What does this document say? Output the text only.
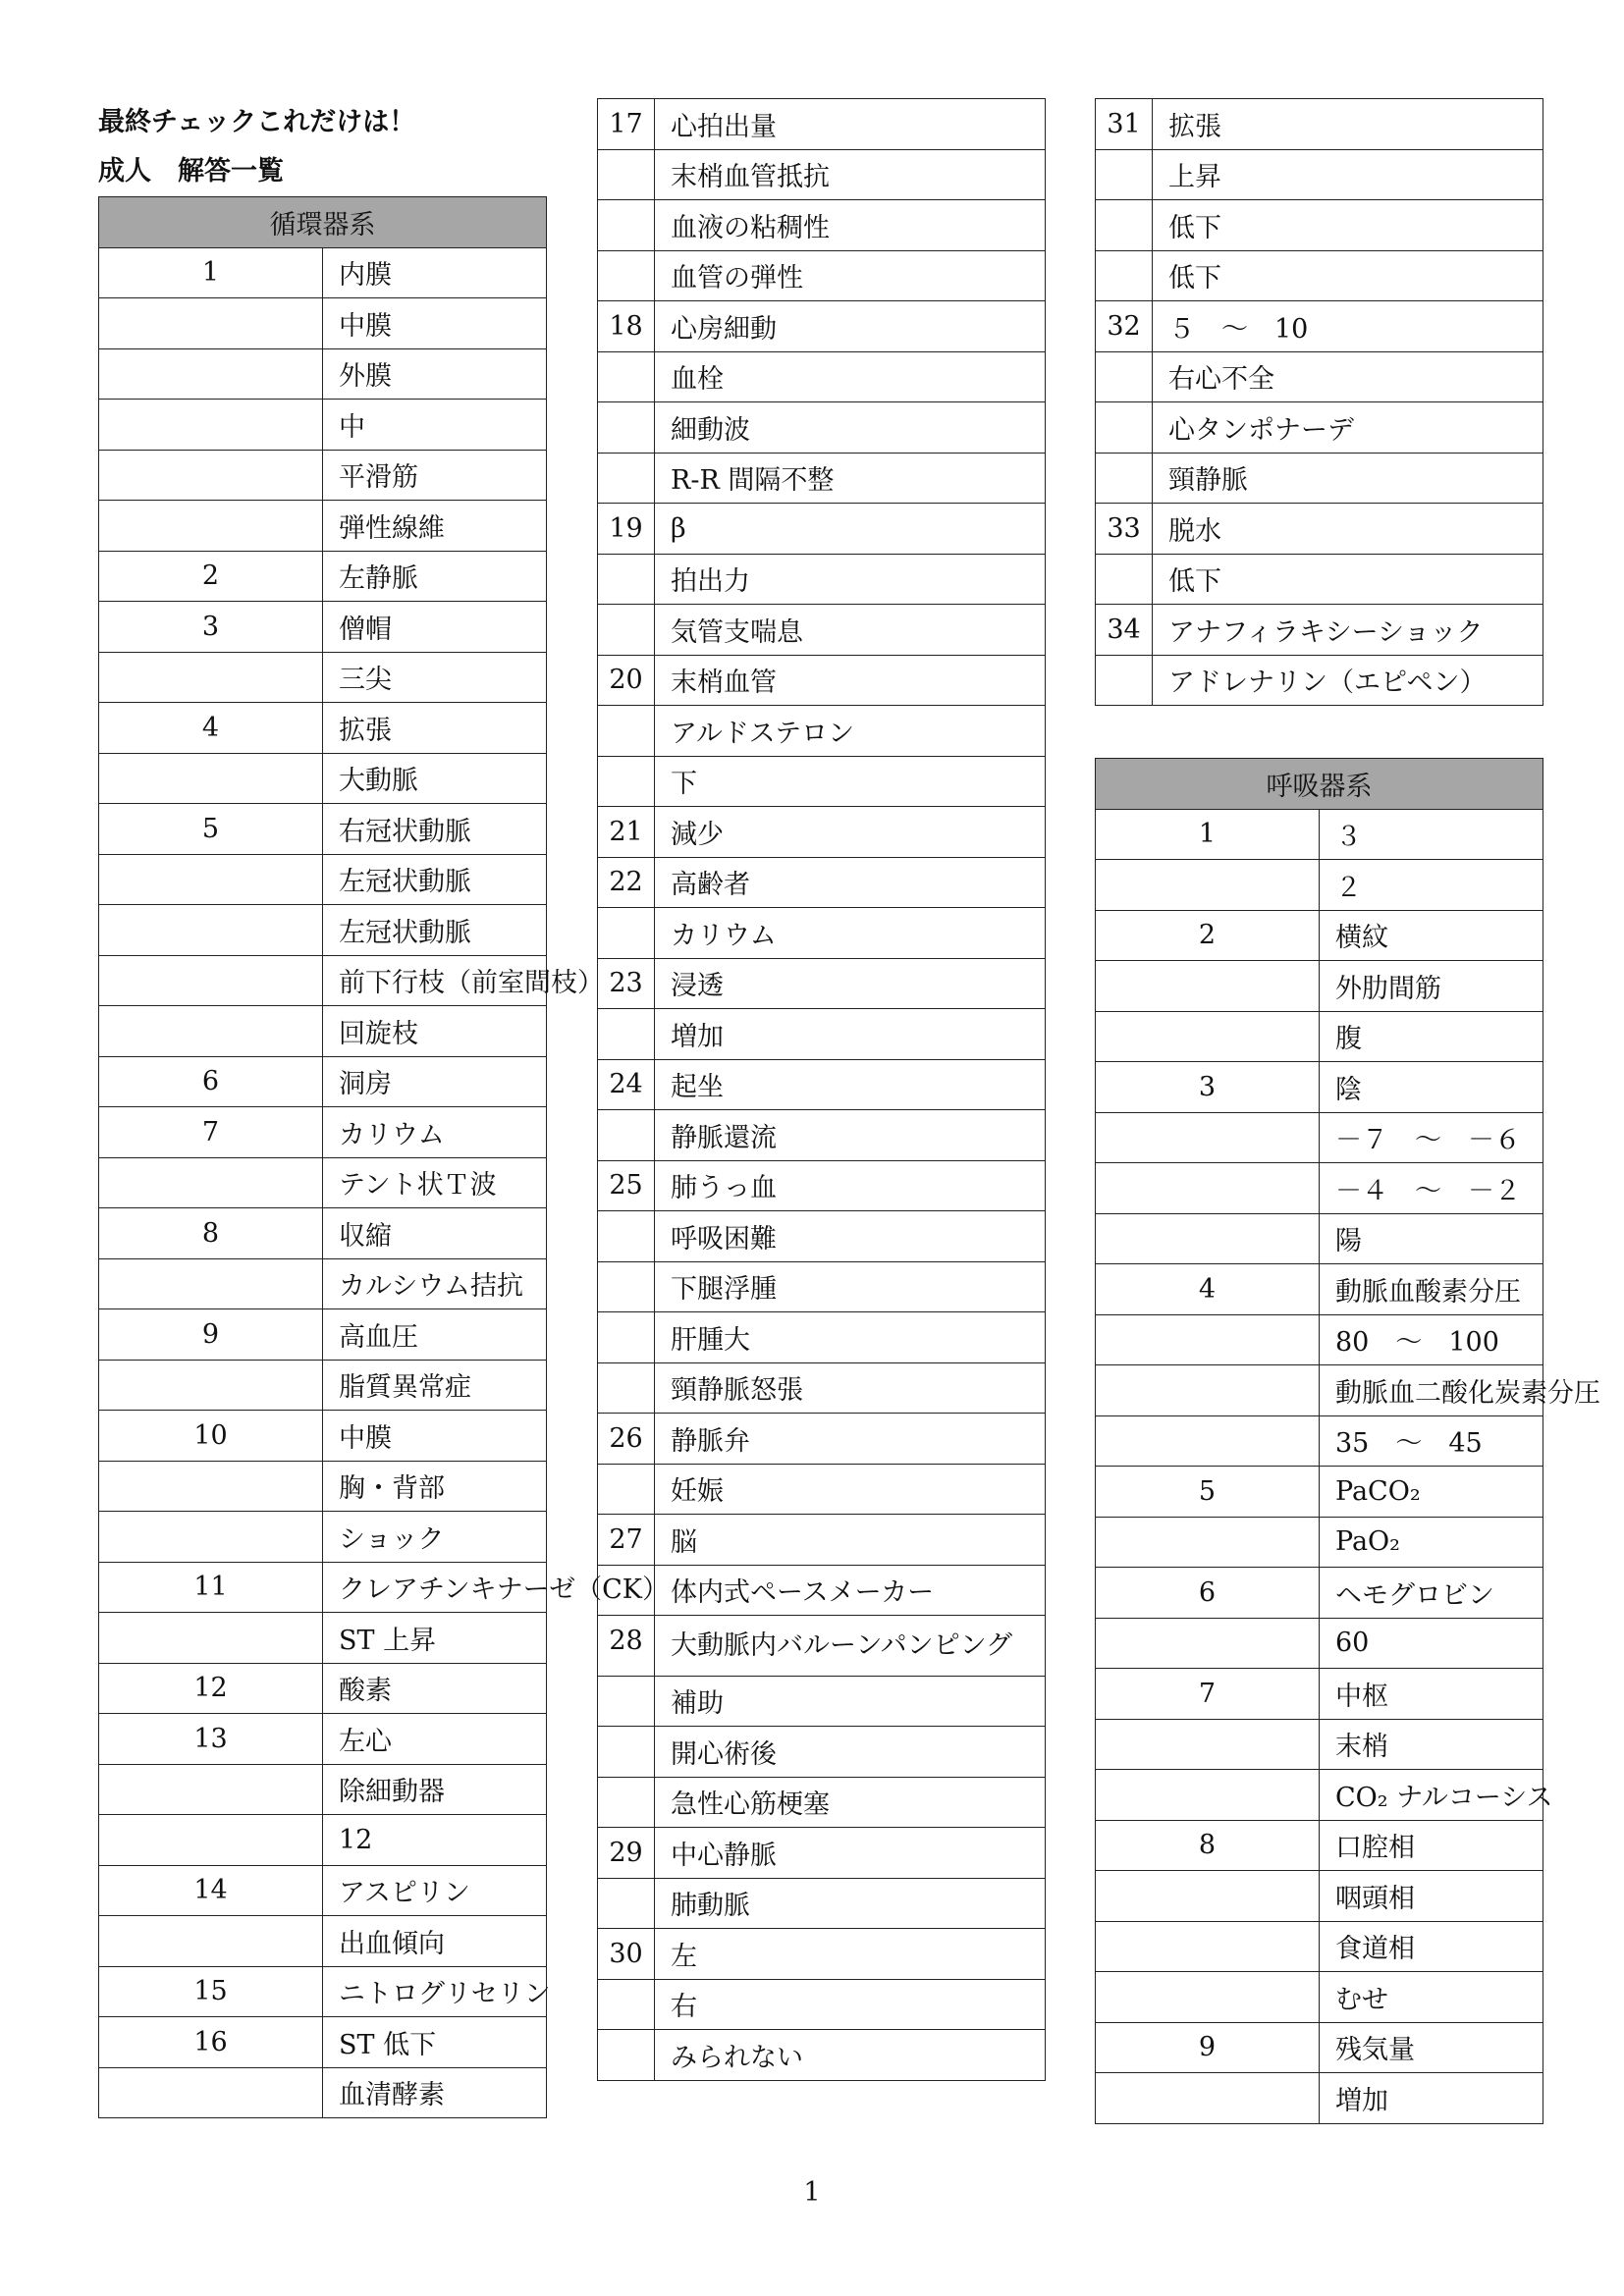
最終チェックこれだけは！
成人　解答一覧
循環器系	
1	内膜
	中膜
	外膜
	中
	平滑筋
	弾性線維
2	左静脈
3	僧帽
	三尖
4	拡張
	大動脈
5	右冠状動脈
	左冠状動脈
	左冠状動脈
	前下行枝（前室間枝）
	回旋枝
6	洞房
7	カリウム
	テント状Ｔ波
8	収縮
	カルシウム拮抗
9	高血圧
	脂質異常症
10	中膜
	胸・背部
	ショック
11	クレアチンキナーゼ（CK）
	ST 上昇
12	酸素
13	左心
	除細動器
	12
14	アスピリン
	出血傾向
15	ニトログリセリン
16	ST 低下
	血清酵素
17	心拍出量
	末梢血管抵抗
	血液の粘稠性
	血管の弾性
18	心房細動
	血栓
	細動波
	R-R 間隔不整
19	β
	拍出力
	気管支喘息
20	末梢血管
	アルドステロン
	下
21	減少
22	高齢者
	カリウム
23	浸透
	増加
24	起坐
	静脈還流
25	肺うっ血
	呼吸困難
	下腿浮腫
	肝腫大
	頸静脈怒張
26	静脈弁
	妊娠
27	脳
	体内式ペースメーカー
28	大動脈内バルーンパンピング
	補助
	開心術後
	急性心筋梗塞
29	中心静脈
	肺動脈
30	左
	右
	みられない
31	拡張
	上昇
	低下
	低下
32	５　～　10
	右心不全
	心タンポナーデ
	頸静脈
33	脱水
	低下
34	アナフィラキシーショック
	アドレナリン（エピペン）
呼吸器系	
1	３
	２
2	横紋
	外肋間筋
	腹
3	陰
	－７　～　－６
	－４　～　－２
	陽
4	動脈血酸素分圧
	80　～　100
	動脈血二酸化炭素分圧
	35　～　45
5	PaCO₂
	PaO₂
6	ヘモグロビン
	60
7	中枢
	末梢
	CO₂ ナルコーシス
8	口腔相
	咽頭相
	食道相
	むせ
9	残気量
	増加
1
